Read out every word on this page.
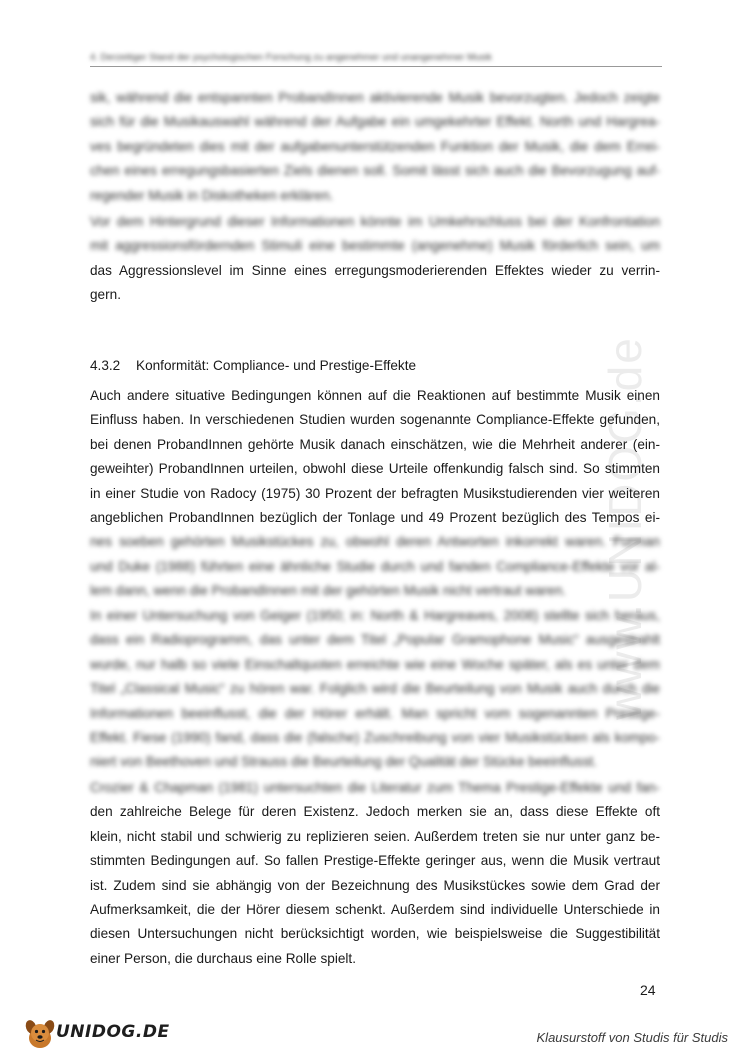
4. Derzeitiger Stand der psychologischen Forschung zu angenehmer und unangenehmer Musik
www.UNIDOG.de
sik, während die entspannten ProbandInnen aktivierende Musik bevorzugten. Jedoch zeigte
sich für die Musikauswahl während der Aufgabe ein umgekehrter Effekt. North und Hargrea-
ves begründeten dies mit der aufgabenunterstützenden Funktion der Musik, die dem Errei-
chen eines erregungsbasierten Ziels dienen soll. Somit lässt sich auch die Bevorzugung auf-
regender Musik in Diskotheken erklären.
Vor dem Hintergrund dieser Informationen könnte im Umkehrschluss bei der Konfrontation
mit aggressionsfördernden Stimuli eine bestimmte (angenehme) Musik förderlich sein, um
das Aggressionslevel im Sinne eines erregungsmoderierenden Effektes wieder zu verrin-
gern.
4.3.2 Konformität: Compliance- und Prestige-Effekte
Auch andere situative Bedingungen können auf die Reaktionen auf bestimmte Musik einen
Einfluss haben. In verschiedenen Studien wurden sogenannte Compliance-Effekte gefunden,
bei denen ProbandInnen gehörte Musik danach einschätzen, wie die Mehrheit anderer (ein-
geweihter) ProbandInnen urteilen, obwohl diese Urteile offenkundig falsch sind. So stimmten
in einer Studie von Radocy (1975) 30 Prozent der befragten Musikstudierenden vier weiteren
angeblichen ProbandInnen bezüglich der Tonlage und 49 Prozent bezüglich des Tempos ei-
nes soeben gehörten Musikstückes zu, obwohl deren Antworten inkorrekt waren. Furman
und Duke (1988) führten eine ähnliche Studie durch und fanden Compliance-Effekte vor al-
lem dann, wenn die ProbandInnen mit der gehörten Musik nicht vertraut waren.
In einer Untersuchung von Geiger (1950; in: North & Hargreaves, 2008) stellte sich heraus,
dass ein Radioprogramm, das unter dem Titel „Popular Gramophone Music“ ausgestrahlt
wurde, nur halb so viele Einschaltquoten erreichte wie eine Woche später, als es unter dem
Titel „Classical Music“ zu hören war. Folglich wird die Beurteilung von Musik auch durch die
Informationen beeinflusst, die der Hörer erhält. Man spricht vom sogenannten Prestige-
Effekt. Fiese (1990) fand, dass die (falsche) Zuschreibung von vier Musikstücken als kompo-
niert von Beethoven und Strauss die Beurteilung der Qualität der Stücke beeinflusst.
Crozier & Chapman (1981) untersuchten die Literatur zum Thema Prestige-Effekte und fan-
den zahlreiche Belege für deren Existenz. Jedoch merken sie an, dass diese Effekte oft
klein, nicht stabil und schwierig zu replizieren seien. Außerdem treten sie nur unter ganz be-
stimmten Bedingungen auf. So fallen Prestige-Effekte geringer aus, wenn die Musik vertraut
ist. Zudem sind sie abhängig von der Bezeichnung des Musikstückes sowie dem Grad der
Aufmerksamkeit, die der Hörer diesem schenkt. Außerdem sind individuelle Unterschiede in
diesen Untersuchungen nicht berücksichtigt worden, wie beispielsweise die Suggestibilität
einer Person, die durchaus eine Rolle spielt.
24
UNIDOG.DE	Klausurstoff von Studis für Studis
